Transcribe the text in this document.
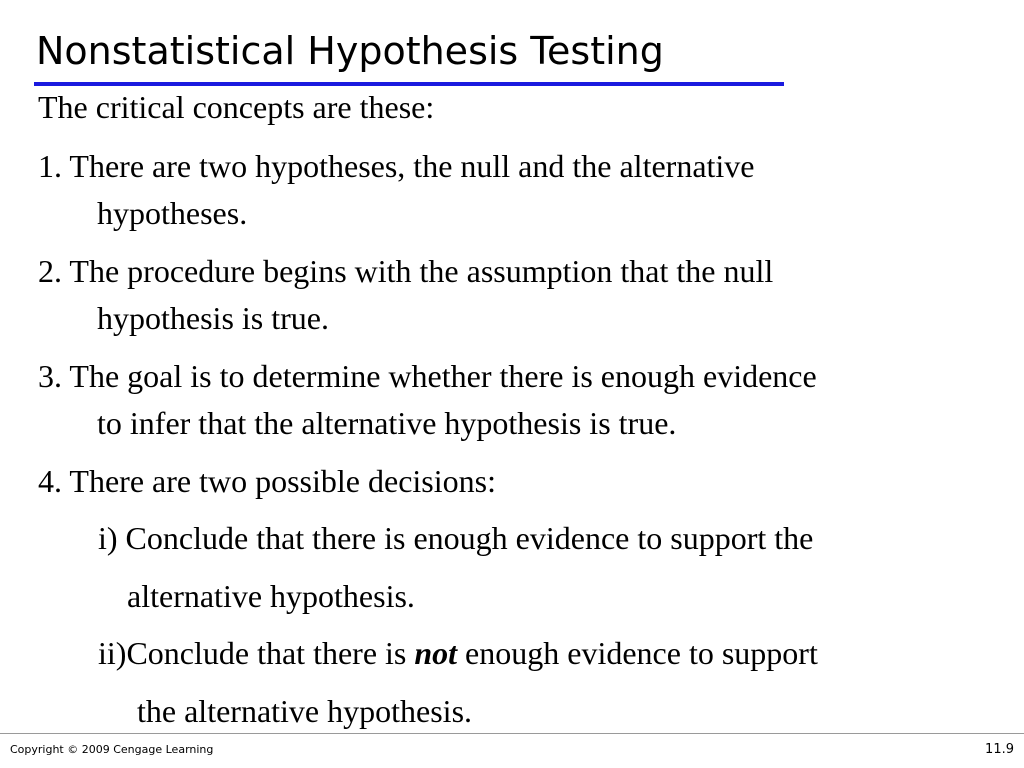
Nonstatistical Hypothesis Testing
The critical concepts are these:
1. There are two hypotheses, the null and the alternative
hypotheses.
2. The procedure begins with the assumption that the null
hypothesis is true.
3. The goal is to determine whether there is enough evidence
to infer that the alternative hypothesis is true.
4. There are two possible decisions:
i) Conclude that there is enough evidence to support the
alternative hypothesis.
ii)Conclude that there is not enough evidence to support
the alternative hypothesis.
Copyright © 2009 Cengage Learning	11.9
